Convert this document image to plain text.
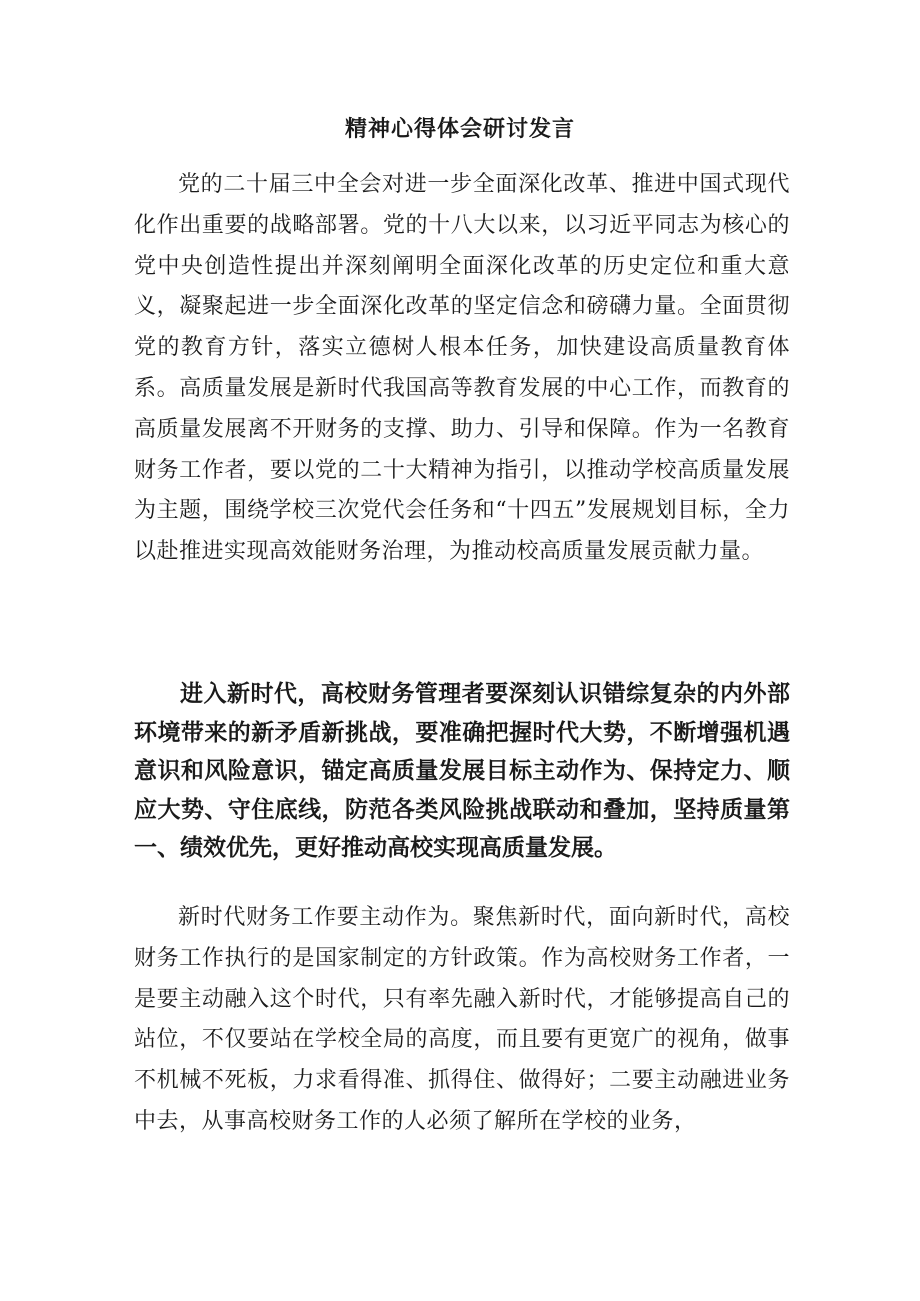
精神心得体会研讨发言

党的二十届三中全会对进一步全面深化改革、推进中国式现代化作出重要的战略部署。党的十八大以来，以习近平同志为核心的党中央创造性提出并深刻阐明全面深化改革的历史定位和重大意义，凝聚起进一步全面深化改革的坚定信念和磅礴力量。全面贯彻党的教育方针，落实立德树人根本任务，加快建设高质量教育体系。高质量发展是新时代我国高等教育发展的中心工作，而教育的高质量发展离不开财务的支撑、助力、引导和保障。作为一名教育财务工作者，要以党的二十大精神为指引，以推动学校高质量发展为主题，围绕学校三次党代会任务和“十四五”发展规划目标，全力以赴推进实现高效能财务治理，为推动校高质量发展贡献力量。

进入新时代，高校财务管理者要深刻认识错综复杂的内外部环境带来的新矛盾新挑战，要准确把握时代大势，不断增强机遇意识和风险意识，锚定高质量发展目标主动作为、保持定力、顺应大势、守住底线，防范各类风险挑战联动和叠加，坚持质量第一、绩效优先，更好推动高校实现高质量发展。

新时代财务工作要主动作为。聚焦新时代，面向新时代，高校财务工作执行的是国家制定的方针政策。作为高校财务工作者，一是要主动融入这个时代，只有率先融入新时代，才能够提高自己的站位，不仅要站在学校全局的高度，而且要有更宽广的视角，做事不机械不死板，力求看得准、抓得住、做得好；二要主动融进业务中去，从事高校财务工作的人必须了解所在学校的业务，
